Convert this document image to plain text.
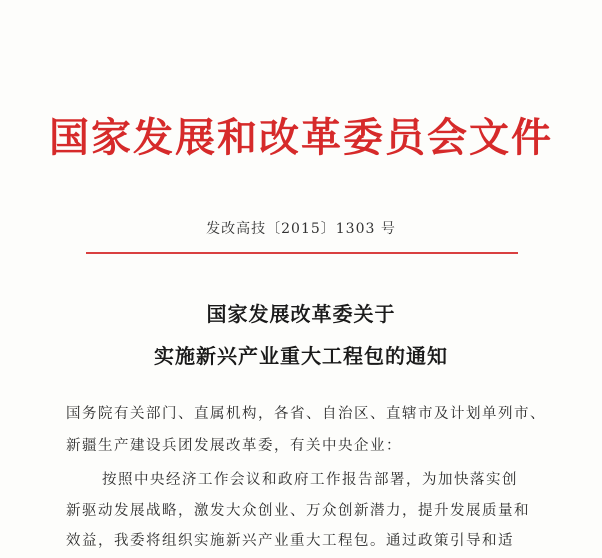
国家发展和改革委员会文件
发改高技〔2015〕1303 号
国家发展改革委关于
实施新兴产业重大工程包的通知
国务院有关部门、直属机构，各省、自治区、直辖市及计划单列市、
新疆生产建设兵团发展改革委，有关中央企业：
按照中央经济工作会议和政府工作报告部署，为加快落实创
新驱动发展战略，激发大众创业、万众创新潜力，提升发展质量和
效益，我委将组织实施新兴产业重大工程包。通过政策引导和适
